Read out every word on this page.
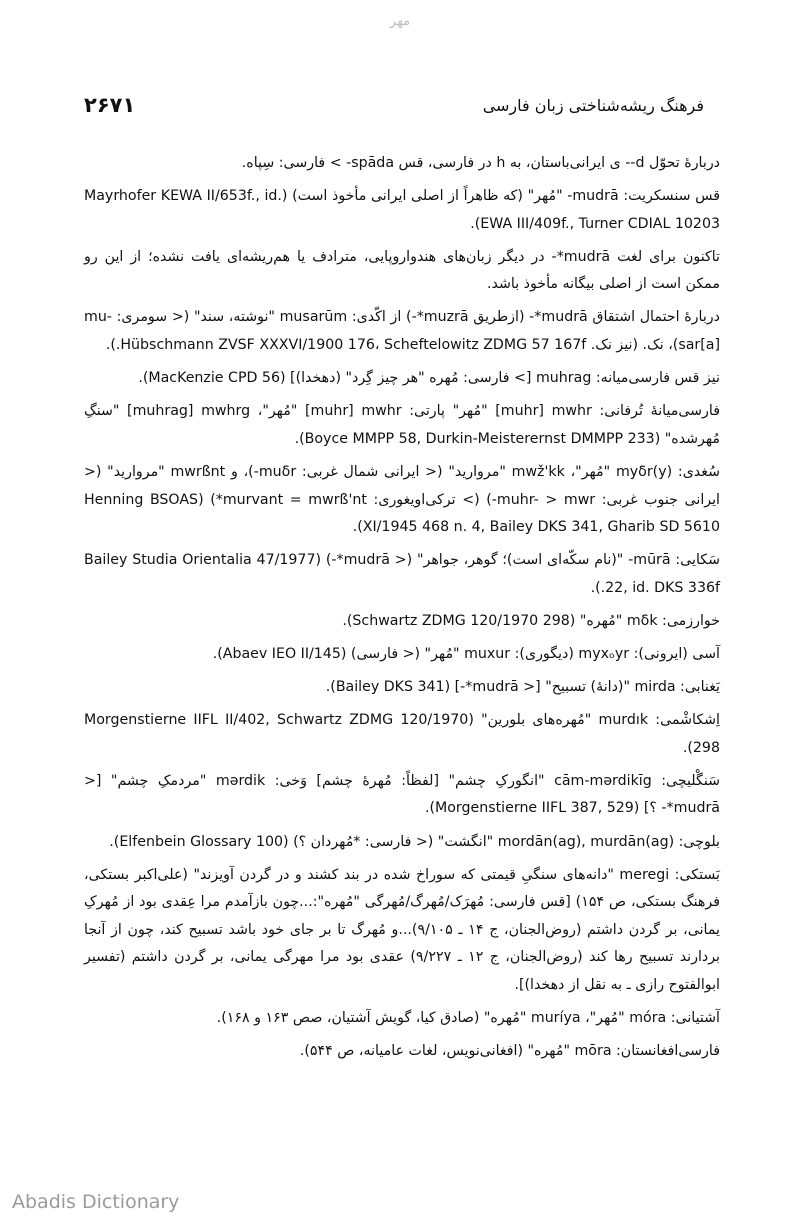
مهر
۲۶۷۱	فرهنگ ریشه‌شناختی زبان فارسی

دربارۀ تحوّل ‎-d-‏ ی ایرانی‌باستان، به h در فارسی، قس ‎spāda-‏ > فارسی: سِپاه.

قس سنسکریت: ‎mudrā-‏ "مُهر" (که ظاهراً از اصلی ایرانی مأخوذ است) (Mayrhofer KEWA II/653f., id. EWA III/409f., Turner CDIAL 10203).

تاکنون برای لغت ‎*mudrā-‏ در دیگر زبان‌های هندواروپایی، مترادف یا هم‌ریشه‌ای یافت نشده؛ از این رو ممکن است از اصلی بیگانه مأخوذ باشد.

دربارۀ احتمال اشتقاق ‎*mudrā-‏ (ازطریق ‎*muzrā-‏) از اکّدی: ‎musarūm‏ "نوشته، سند" (< سومری: ‎mu-sar[a]‏)، نک. (نیز نک. Hübschmann ZVSF XXXVI/1900 176، Scheftelowitz ZDMG 57 167f.).

نیز قس فارسی‌میانه: ‎muhrag‏ [> فارسی: مُهره "هر چیز گِرد" (دهخدا)] (MacKenzie CPD 56).

فارسی‌میانۀ تُرفانی: ‎[muhr] mwhr‏ "مُهر" پارتی: ‎[muhr] mwhr‏ "مُهر"، ‎[muhrag] mwhrg‏ "سنگِ مُهرشده" (Boyce MMPP 58, Durkin-Meisterernst DMMPP 233).

سُغدی: ‎myδr(y)‏ "مُهر"، ‎mwž'kk‏ "مروارید" (< ایرانی شمال غربی: ‎muδr-‏)، و ‎mwrßnt‏ "مروارید" (< ایرانی جنوب غربی: ‎muhr- > mwr-‏) (> ترکی‌اویغوری: ‎*murvant = mwrß'nt‏) (Henning BSOAS XI/1945 468 n. 4, Bailey DKS 341, Gharib SD 5610).

سَکایی: ‎mūrā-‏ "(نام سکّه‌ای است)؛ گوهر، جواهر" (< ‎*mudrā-‏) (Bailey Studia Orientalia 47/1977 22, id. DKS 336f.).

خوارزمی: ‎mδk‏ "مُهره" (Schwartz ZDMG 120/1970 298).

آسی (ایرونی): ‎myxₒyr‏ (دیگوری): ‎muxur‏ "مُهر" (< فارسی) (Abaev IEO II/145).

یَغنابی: ‎mirda‏ "(دانۀ) تسبیح" [< ‎*mudrā-‏] (Bailey DKS 341).

اِشکاشْمی: ‎murdık‏ "مُهره‌های بلورین" (Morgenstierne IIFL II/402, Schwartz ZDMG 120/1970 298).

سَنگْلیچی: ‎cām-mərdikīg‏ "انگورکِ چشم" [لفظاً: مُهرۀ چشم] وَخی: ‎mərdik‏ "مردمکِ چشم" [< ‎*mudrā-‏ ؟] (Morgenstierne IIFL 387, 529).

بلوچی: ‎mordān(ag), murdān(ag)‏ "انگشت" (< فارسی: ‎*مُهردان‏ ؟) (Elfenbein Glossary 100).

بَستکی: ‎meregi‏ "دانه‌های سنگیِ قیمتی که سوراخ شده در بند کشند و در گردن آویزند" (علی‌اکبر بستکی، فرهنگ بستکی، ص ۱۵۴) [قس فارسی: مُهرَک/مُهرگ/مُهرگی "مُهره":...چون بازآمدم مرا عِقدی بود از مُهرکِ یمانی، بر گردن داشتم (روض‌الجنان، ج ۱۴ ـ ۹/۱۰۵)...و مُهرگ تا بر جای خود باشد تسبیح کند، چون از آنجا بردارند تسبیح رها کند (روض‌الجنان، ج ۱۲ ـ ۹/۲۲۷) عقدی بود مرا مهرگی یمانی، بر گردن داشتم (تفسیر ابوالفتوح رازی ـ به نقل از دهخدا)].

آشتیانی: ‎móra‏ "مُهر"، ‎muríya‏ "مُهره" (صادق کیا، گویش آشتیان، صص ۱۶۳ و ۱۶۸).

فارسی‌افغانستان: ‎mōra‏ "مُهره" (افغانی‌نویس، لغات عامیانه، ص ۵۴۴).

Abadis Dictionary
